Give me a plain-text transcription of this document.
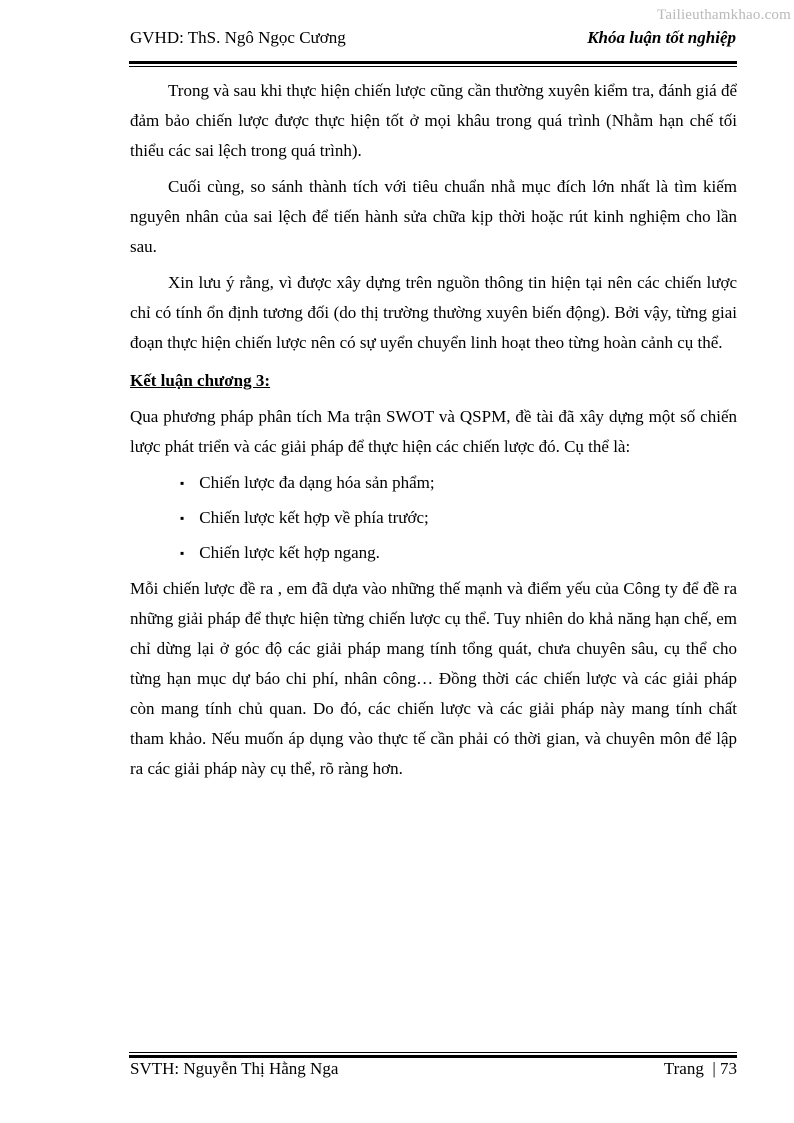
Tailieuthamkhao.com
GVHD: ThS. Ngô Ngọc Cương	Khóa luận tốt nghiệp

Trong và sau khi thực hiện chiến lược cũng cần thường xuyên kiểm tra, đánh giá để đảm bảo chiến lược được thực hiện tốt ở mọi khâu trong quá trình (Nhằm hạn chế tối thiểu các sai lệch trong quá trình).

Cuối cùng, so sánh thành tích với tiêu chuẩn nhằ mục đích lớn nhất là tìm kiếm nguyên nhân của sai lệch để tiến hành sửa chữa kịp thời hoặc rút kinh nghiệm cho lần sau.

Xin lưu ý rằng, vì được xây dựng trên nguồn thông tin hiện tại nên các chiến lược chỉ có tính ổn định tương đối (do thị trường thường xuyên biến động). Bởi vậy, từng giai đoạn thực hiện chiến lược nên có sự uyển chuyển linh hoạt theo từng hoàn cảnh cụ thể.

Kết luận chương 3:

Qua phương pháp phân tích Ma trận SWOT và QSPM, đề tài đã xây dựng một số chiến lược phát triển và các giải pháp để thực hiện các chiến lược đó. Cụ thể là:

▪ Chiến lược đa dạng hóa sản phẩm;
▪ Chiến lược kết hợp về phía trước;
▪ Chiến lược kết hợp ngang.

Mỗi chiến lược đề ra , em đã dựa vào những thế mạnh và điểm yếu của Công ty để đề ra những giải pháp để thực hiện từng chiến lược cụ thể. Tuy nhiên do khả năng hạn chế, em chỉ dừng lại ở góc độ các giải pháp mang tính tổng quát, chưa chuyên sâu, cụ thể cho từng hạn mục dự báo chi phí, nhân công… Đồng thời các chiến lược và các giải pháp còn mang tính chủ quan. Do đó, các chiến lược và các giải pháp này mang tính chất tham khảo. Nếu muốn áp dụng vào thực tế cần phải có thời gian, và chuyên môn để lập ra các giải pháp này cụ thể, rõ ràng hơn.

SVTH: Nguyễn Thị Hằng Nga	Trang  | 73
